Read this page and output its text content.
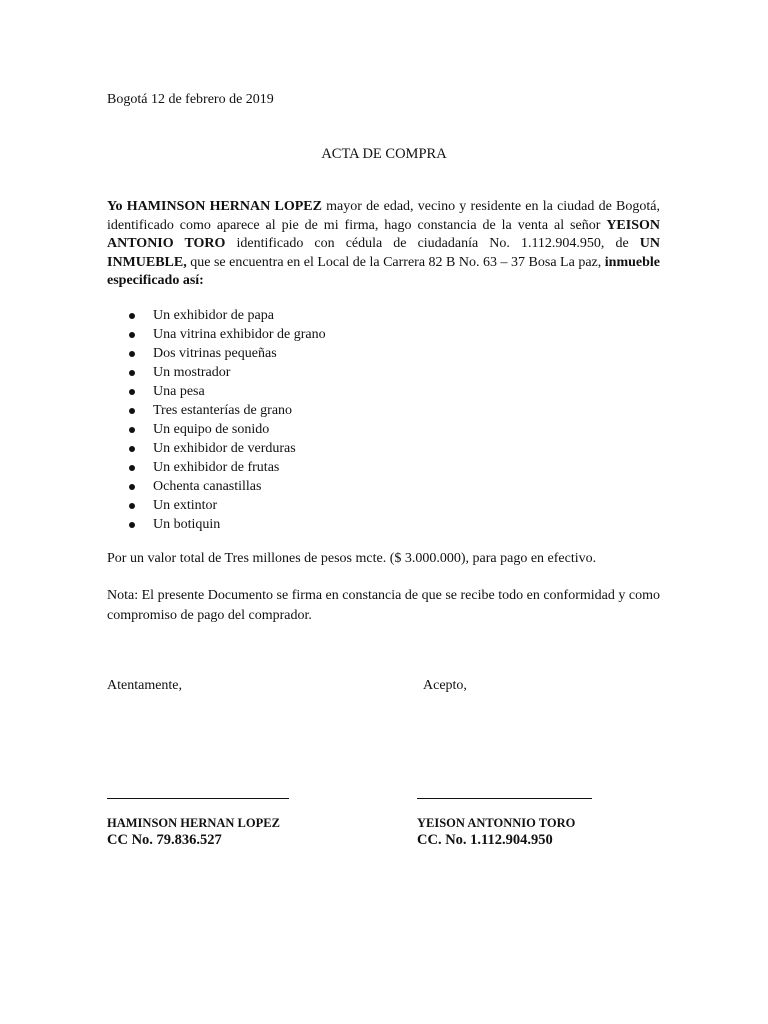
Bogotá 12 de febrero de 2019
ACTA DE COMPRA
Yo HAMINSON HERNAN LOPEZ mayor de edad, vecino y residente en la ciudad de Bogotá, identificado como aparece al pie de mi firma, hago constancia de la venta al señor YEISON ANTONIO TORO identificado con cédula de ciudadanía No. 1.112.904.950, de UN INMUEBLE, que se encuentra en el Local de la Carrera 82 B No. 63 – 37 Bosa La paz, inmueble especificado así:
Un exhibidor de papa
Una vitrina exhibidor de grano
Dos vitrinas pequeñas
Un mostrador
Una pesa
Tres estanterías de grano
Un equipo de sonido
Un exhibidor de verduras
Un exhibidor de frutas
Ochenta canastillas
Un extintor
Un botiquin
Por un valor total de Tres millones de pesos mcte. ($ 3.000.000), para pago en efectivo.
Nota: El presente Documento se firma en constancia de que se recibe todo en conformidad y como compromiso de pago del comprador.
Atentamente,	Acepto,
HAMINSON HERNAN LOPEZ	YEISON ANTONNIO TORO
CC No. 79.836.527	CC. No. 1.112.904.950
